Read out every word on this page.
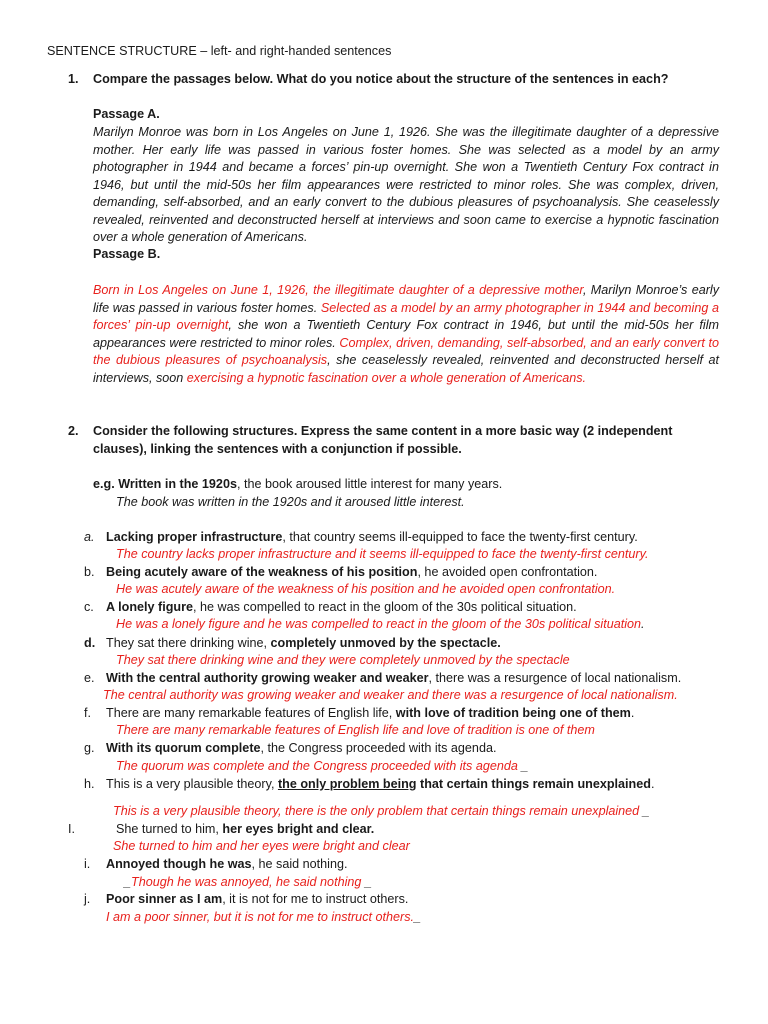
SENTENCE STRUCTURE – left- and right-handed sentences
1. Compare the passages below. What do you notice about the structure of the sentences in each?
Passage A.
Marilyn Monroe was born in Los Angeles on June 1, 1926. She was the illegitimate daughter of a depressive mother. Her early life was passed in various foster homes. She was selected as a model by an army photographer in 1944 and became a forces’ pin-up overnight. She won a Twentieth Century Fox contract in 1946, but until the mid-50s her film appearances were restricted to minor roles. She was complex, driven, demanding, self-absorbed, and an early convert to the dubious pleasures of psychoanalysis. She ceaselessly revealed, reinvented and deconstructed herself at interviews and soon came to exercise a hypnotic fascination over a whole generation of Americans.
Passage B.
Born in Los Angeles on June 1, 1926, the illegitimate daughter of a depressive mother, Marilyn Monroe’s early life was passed in various foster homes. Selected as a model by an army photographer in 1944 and becoming a forces’ pin-up overnight, she won a Twentieth Century Fox contract in 1946, but until the mid-50s her film appearances were restricted to minor roles. Complex, driven, demanding, self-absorbed, and an early convert to the dubious pleasures of psychoanalysis, she ceaselessly revealed, reinvented and deconstructed herself at interviews, soon exercising a hypnotic fascination over a whole generation of Americans.
2. Consider the following structures. Express the same content in a more basic way (2 independent clauses), linking the sentences with a conjunction if possible.
e.g. Written in the 1920s, the book aroused little interest for many years.
The book was written in the 1920s and it aroused little interest.
a. Lacking proper infrastructure, that country seems ill-equipped to face the twenty-first century.
The country lacks proper infrastructure and it seems ill-equipped to face the twenty-first century.
b. Being acutely aware of the weakness of his position, he avoided open confrontation.
He was acutely aware of the weakness of his position and he avoided open confrontation.
c. A lonely figure, he was compelled to react in the gloom of the 30s political situation.
He was a lonely figure and he was compelled to react in the gloom of the 30s political situation.
d. They sat there drinking wine, completely unmoved by the spectacle.
They sat there drinking wine and they were completely unmoved by the spectacle
e. With the central authority growing weaker and weaker, there was a resurgence of local nationalism.
The central authority was growing weaker and weaker and there was a resurgence of local nationalism.
f. There are many remarkable features of English life, with love of tradition being one of them.
There are many remarkable features of English life and love of tradition is one of them
g. With its quorum complete, the Congress proceeded with its agenda.
The quorum was complete and the Congress proceeded with its agenda _
h. This is a very plausible theory, the only problem being that certain things remain unexplained.
This is a very plausible theory, there is the only problem that certain things remain unexplained _
I.	She turned to him, her eyes bright and clear.
She turned to him and her eyes were bright and clear
i. Annoyed though he was, he said nothing.
_Though he was annoyed, he said nothing _
j. Poor sinner as I am, it is not for me to instruct others.
I am a poor sinner, but it is not for me to instruct others._
